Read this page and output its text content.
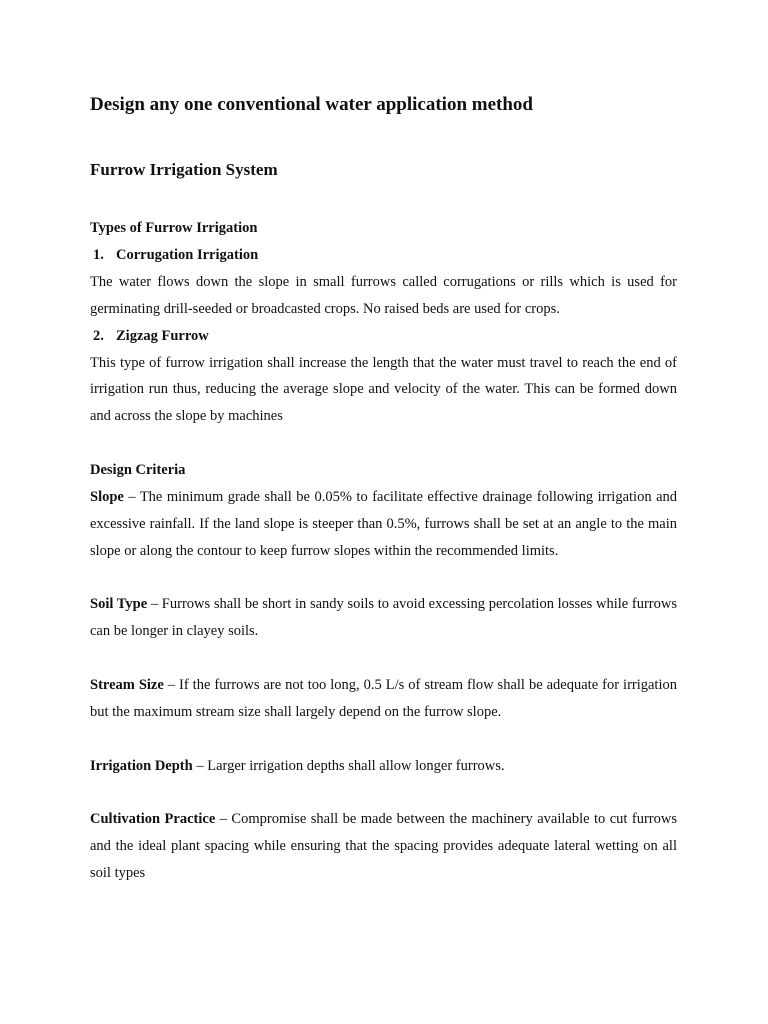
Design any one conventional water application method
Furrow Irrigation System
Types of Furrow Irrigation
1. Corrugation Irrigation

The water flows down the slope in small furrows called corrugations or rills which is used for germinating drill-seeded or broadcasted crops. No raised beds are used for crops.

2. Zigzag Furrow

This type of furrow irrigation shall increase the length that the water must travel to reach the end of irrigation run thus, reducing the average slope and velocity of the water. This can be formed down and across the slope by machines

Design Criteria

Slope – The minimum grade shall be 0.05% to facilitate effective drainage following irrigation and excessive rainfall. If the land slope is steeper than 0.5%, furrows shall be set at an angle to the main slope or along the contour to keep furrow slopes within the recommended limits.

Soil Type – Furrows shall be short in sandy soils to avoid excessing percolation losses while furrows can be longer in clayey soils.

Stream Size – If the furrows are not too long, 0.5 L/s of stream flow shall be adequate for irrigation but the maximum stream size shall largely depend on the furrow slope.

Irrigation Depth – Larger irrigation depths shall allow longer furrows.

Cultivation Practice – Compromise shall be made between the machinery available to cut furrows and the ideal plant spacing while ensuring that the spacing provides adequate lateral wetting on all soil types
